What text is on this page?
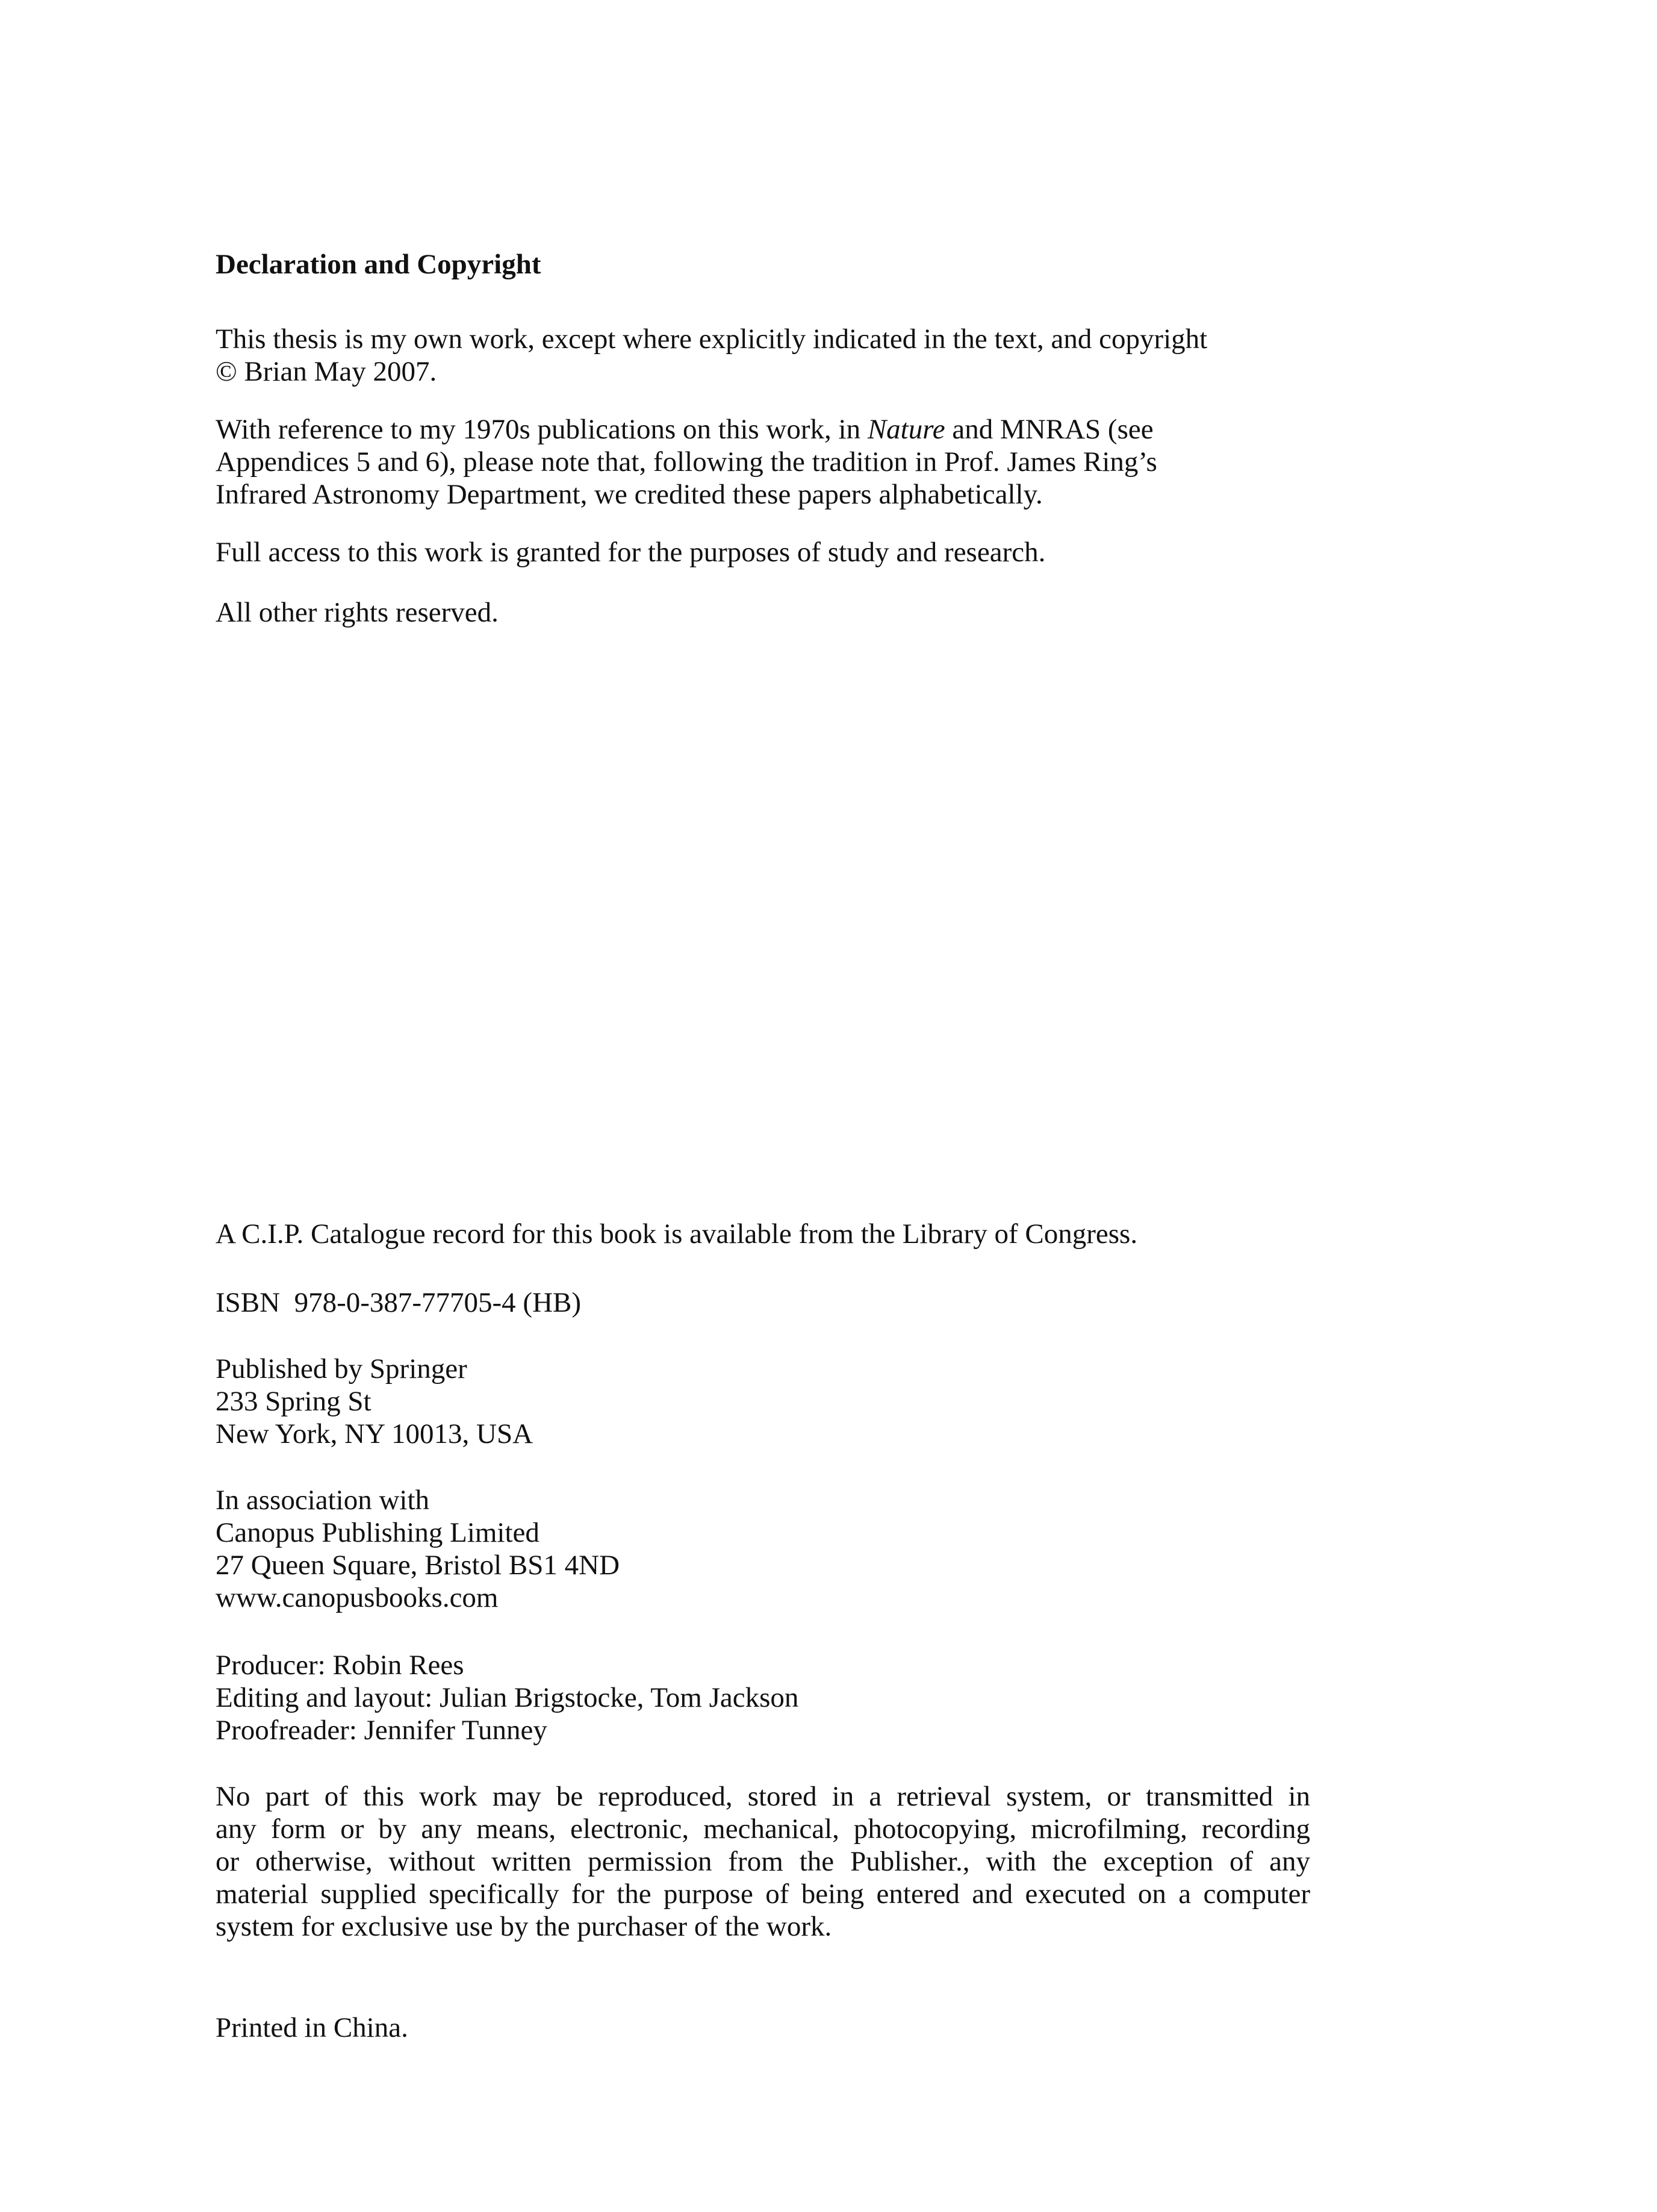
Declaration and Copyright
This thesis is my own work, except where explicitly indicated in the text, and copyright
© Brian May 2007.
With reference to my 1970s publications on this work, in Nature and MNRAS (see
Appendices 5 and 6), please note that, following the tradition in Prof. James Ring’s
Infrared Astronomy Department, we credited these papers alphabetically.
Full access to this work is granted for the purposes of study and research.
All other rights reserved.
A C.I.P. Catalogue record for this book is available from the Library of Congress.
ISBN  978-0-387-77705-4 (HB)
Published by Springer
233 Spring St
New York, NY 10013, USA
In association with
Canopus Publishing Limited
27 Queen Square, Bristol BS1 4ND
www.canopusbooks.com
Producer: Robin Rees
Editing and layout: Julian Brigstocke, Tom Jackson
Proofreader: Jennifer Tunney
No part of this work may be reproduced, stored in a retrieval system, or transmitted in
any form or by any means, electronic, mechanical, photocopying, microfilming, recording
or otherwise, without written permission from the Publisher., with the exception of any
material supplied specifically for the purpose of being entered and executed on a computer
system for exclusive use by the purchaser of the work.
Printed in China.
